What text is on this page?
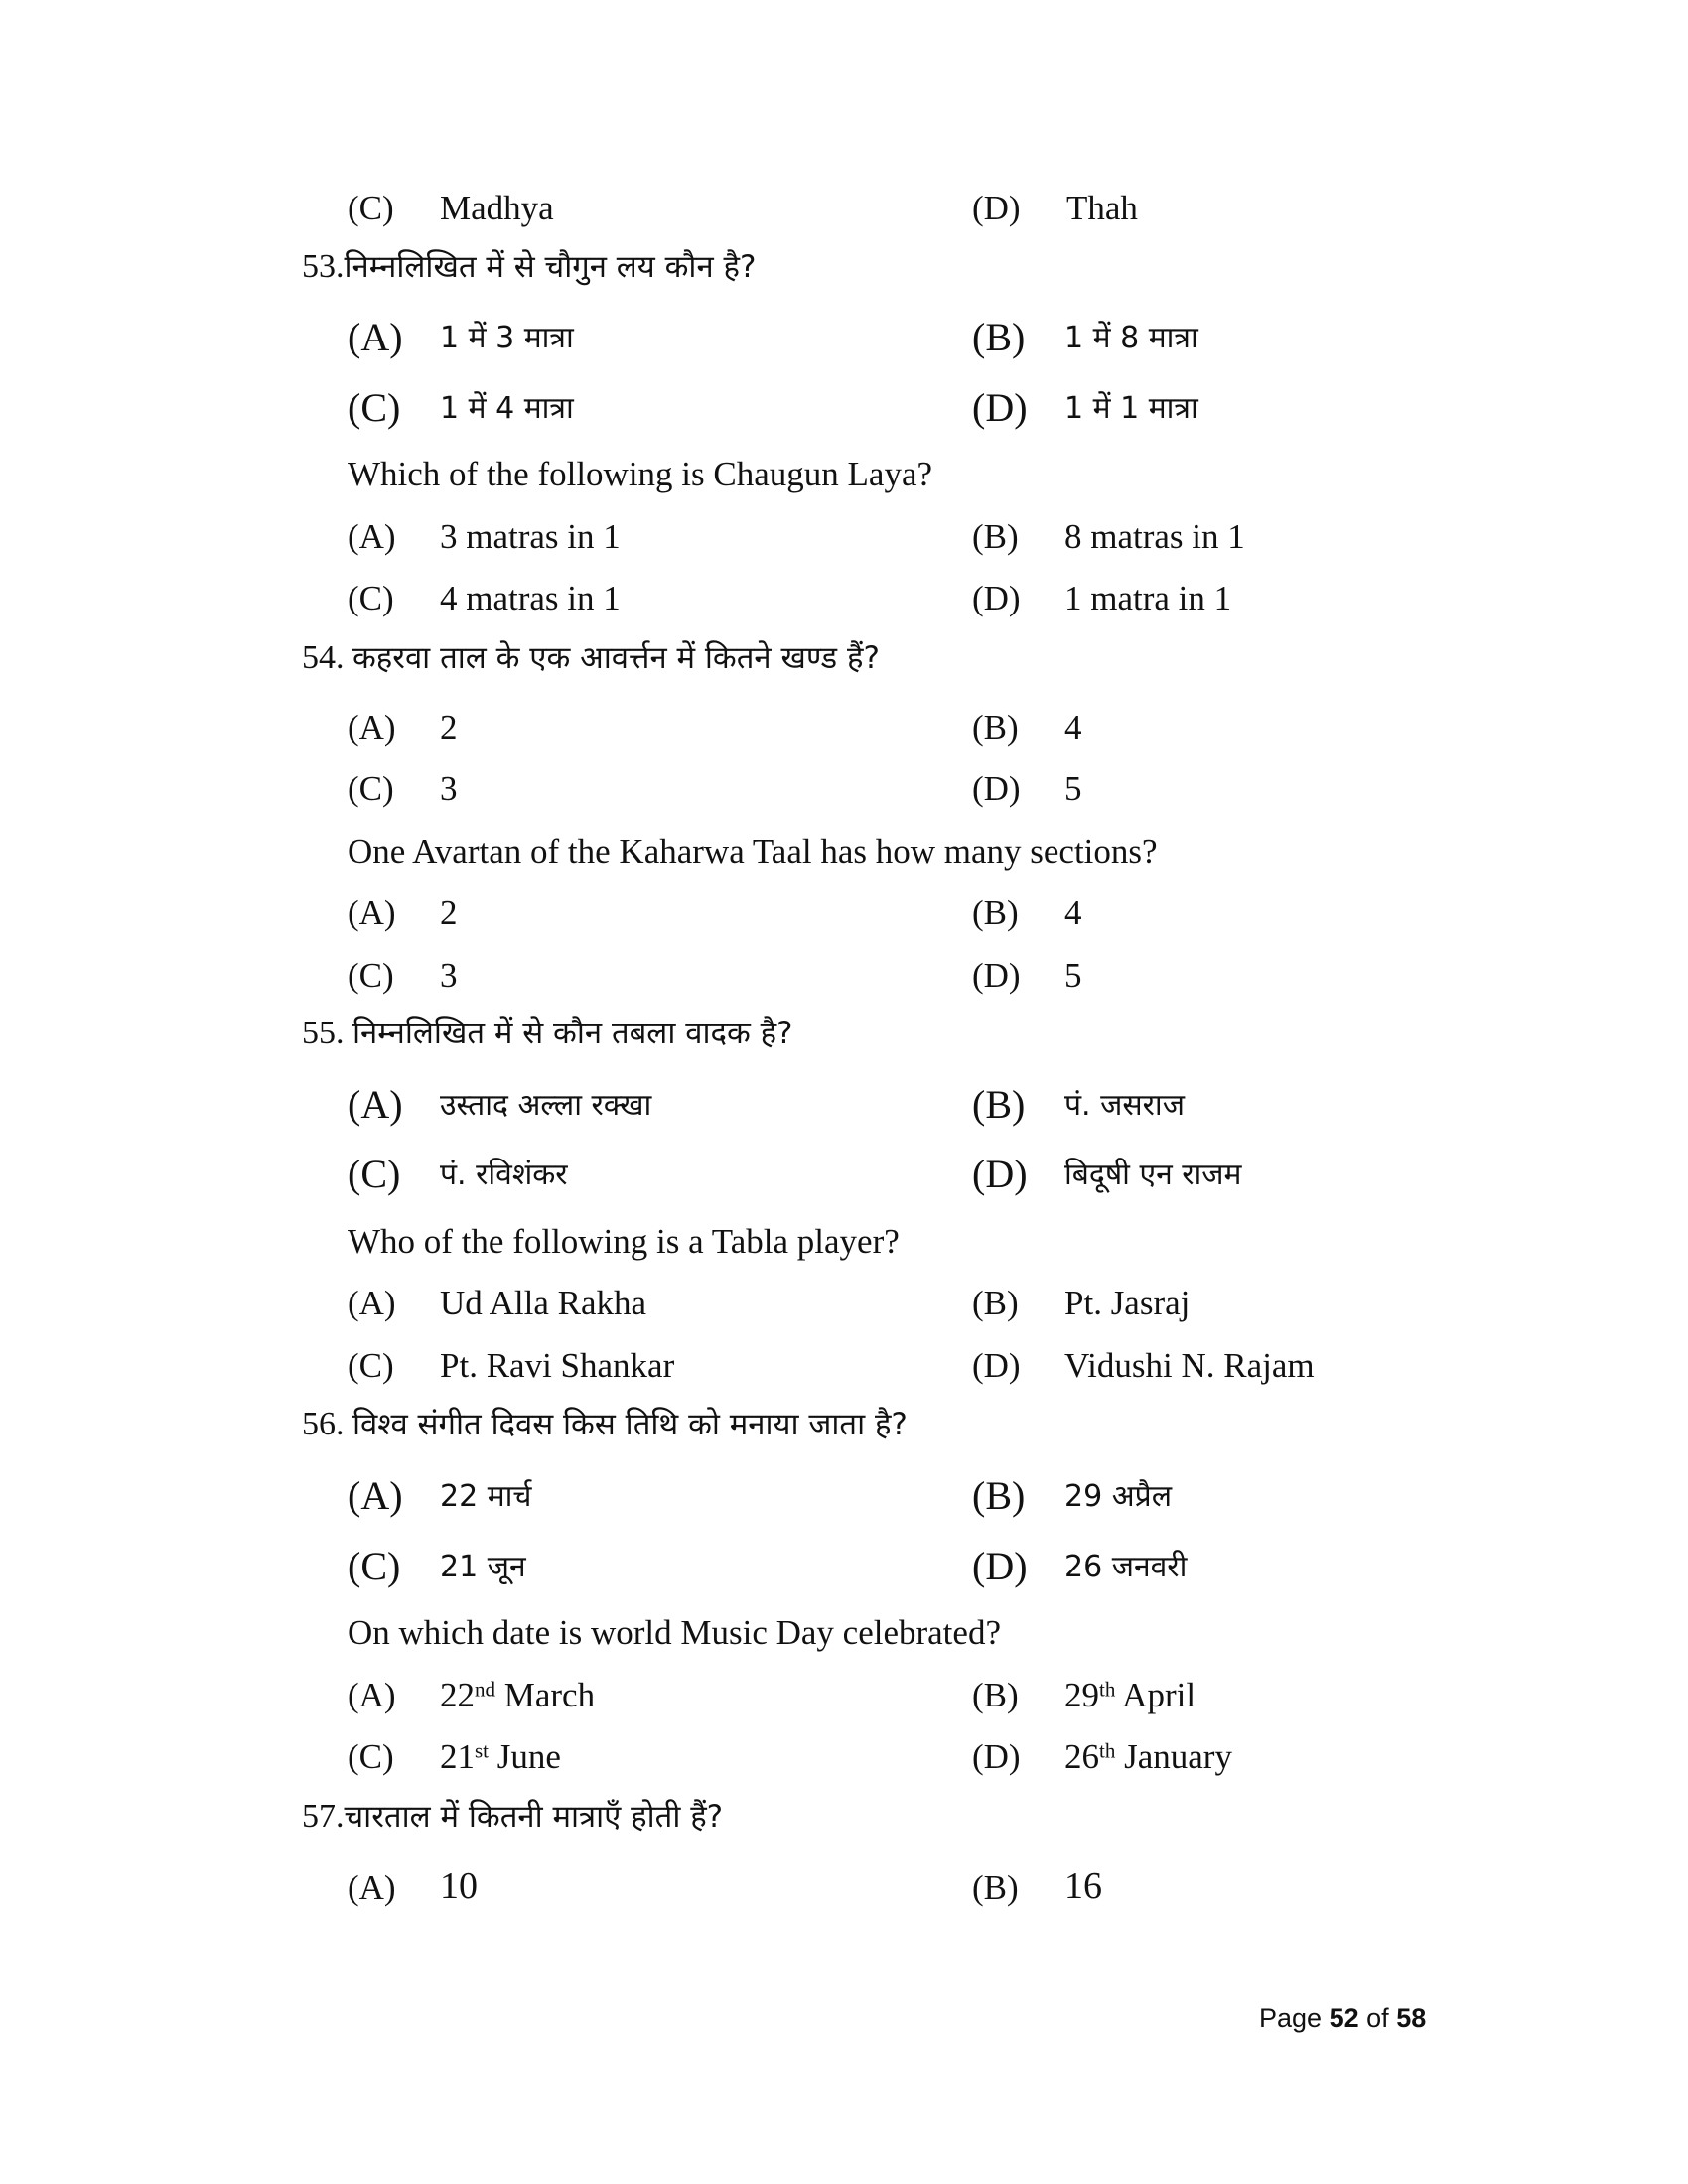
(C) Madhya	(D) Thah
53.निम्नलिखित में से चौगुन लय कौन है?
(A) 1 में 3 मात्रा	(B) 1 में 8 मात्रा
(C) 1 में 4 मात्रा	(D) 1 में 1 मात्रा
Which of the following is Chaugun Laya?
(A) 3 matras in 1	(B) 8 matras in 1
(C) 4 matras in 1	(D) 1 matra in 1
54. कहरवा ताल के एक आवर्त्तन में कितने खण्ड हैं?
(A) 2	(B) 4
(C) 3	(D) 5
One Avartan of the Kaharwa Taal has how many sections?
(A) 2	(B) 4
(C) 3	(D) 5
55. निम्नलिखित में से कौन तबला वादक है?
(A) उस्ताद अल्ला रक्खा	(B) पं. जसराज
(C) पं. रविशंकर	(D) बिदूषी एन राजम
Who of the following is a Tabla player?
(A) Ud Alla Rakha	(B) Pt. Jasraj
(C) Pt. Ravi Shankar	(D) Vidushi N. Rajam
56. विश्व संगीत दिवस किस तिथि को मनाया जाता है?
(A) 22 मार्च	(B) 29 अप्रैल
(C) 21 जून	(D) 26 जनवरी
On which date is world Music Day celebrated?
(A) 22nd March	(B) 29th April
(C) 21st June	(D) 26th January
57.चारताल में कितनी मात्राएँ होती हैं?
(A) 10	(B) 16
Page 52 of 58
